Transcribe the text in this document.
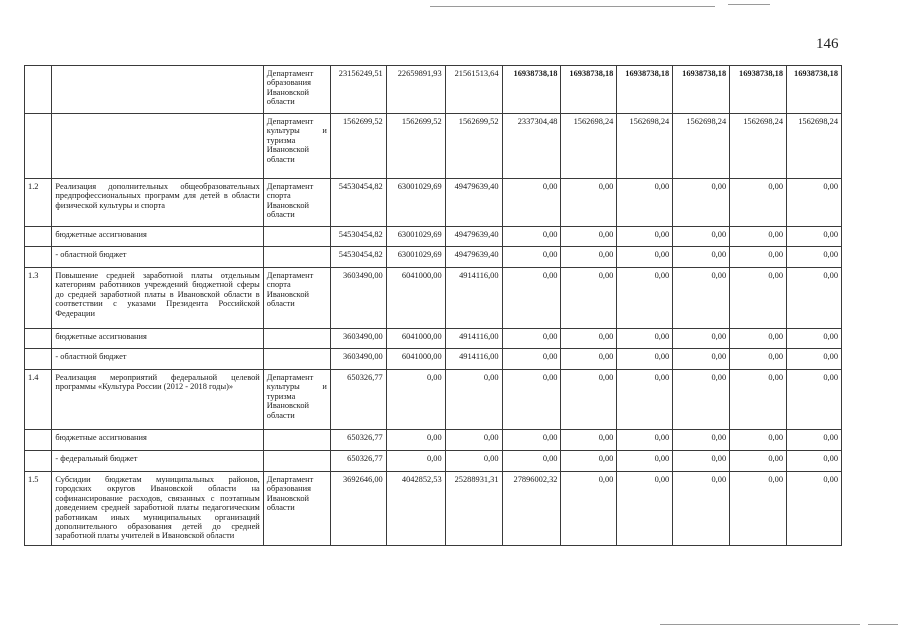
146
		Департамент образования Ивановской области	23156249,51	22659891,93	21561513,64	16938738,18	16938738,18	16938738,18	16938738,18	16938738,18	16938738,18
		Департамент культуры и туризма Ивановской области	1562699,52	1562699,52	1562699,52	2337304,48	1562698,24	1562698,24	1562698,24	1562698,24	1562698,24
1.2	Реализация дополнительных общеобразовательных предпрофессиональных программ для детей в области физической культуры и спорта	Департамент спорта Ивановской области	54530454,82	63001029,69	49479639,40	0,00	0,00	0,00	0,00	0,00	0,00
	бюджетные ассигнования		54530454,82	63001029,69	49479639,40	0,00	0,00	0,00	0,00	0,00	0,00
	- областной бюджет		54530454,82	63001029,69	49479639,40	0,00	0,00	0,00	0,00	0,00	0,00
1.3	Повышение средней заработной платы отдельным категориям работников учреждений бюджетной сферы до средней заработной платы в Ивановской области в соответствии с указами Президента Российской Федерации	Департамент спорта Ивановской области	3603490,00	6041000,00	4914116,00	0,00	0,00	0,00	0,00	0,00	0,00
	бюджетные ассигнования		3603490,00	6041000,00	4914116,00	0,00	0,00	0,00	0,00	0,00	0,00
	- областной бюджет		3603490,00	6041000,00	4914116,00	0,00	0,00	0,00	0,00	0,00	0,00
1.4	Реализация мероприятий федеральной целевой программы «Культура России (2012 - 2018 годы)»	Департамент культуры и туризма Ивановской области	650326,77	0,00	0,00	0,00	0,00	0,00	0,00	0,00	0,00
	бюджетные ассигнования		650326,77	0,00	0,00	0,00	0,00	0,00	0,00	0,00	0,00
	- федеральный бюджет		650326,77	0,00	0,00	0,00	0,00	0,00	0,00	0,00	0,00
1.5	Субсидии бюджетам муниципальных районов, городских округов Ивановской области на софинансирование расходов, связанных с поэтапным доведением средней заработной платы педагогическим работникам иных муниципальных организаций дополнительного образования детей до средней заработной платы учителей в Ивановской области	Департамент образования Ивановской области	3692646,00	4042852,53	25288931,31	27896002,32	0,00	0,00	0,00	0,00	0,00
